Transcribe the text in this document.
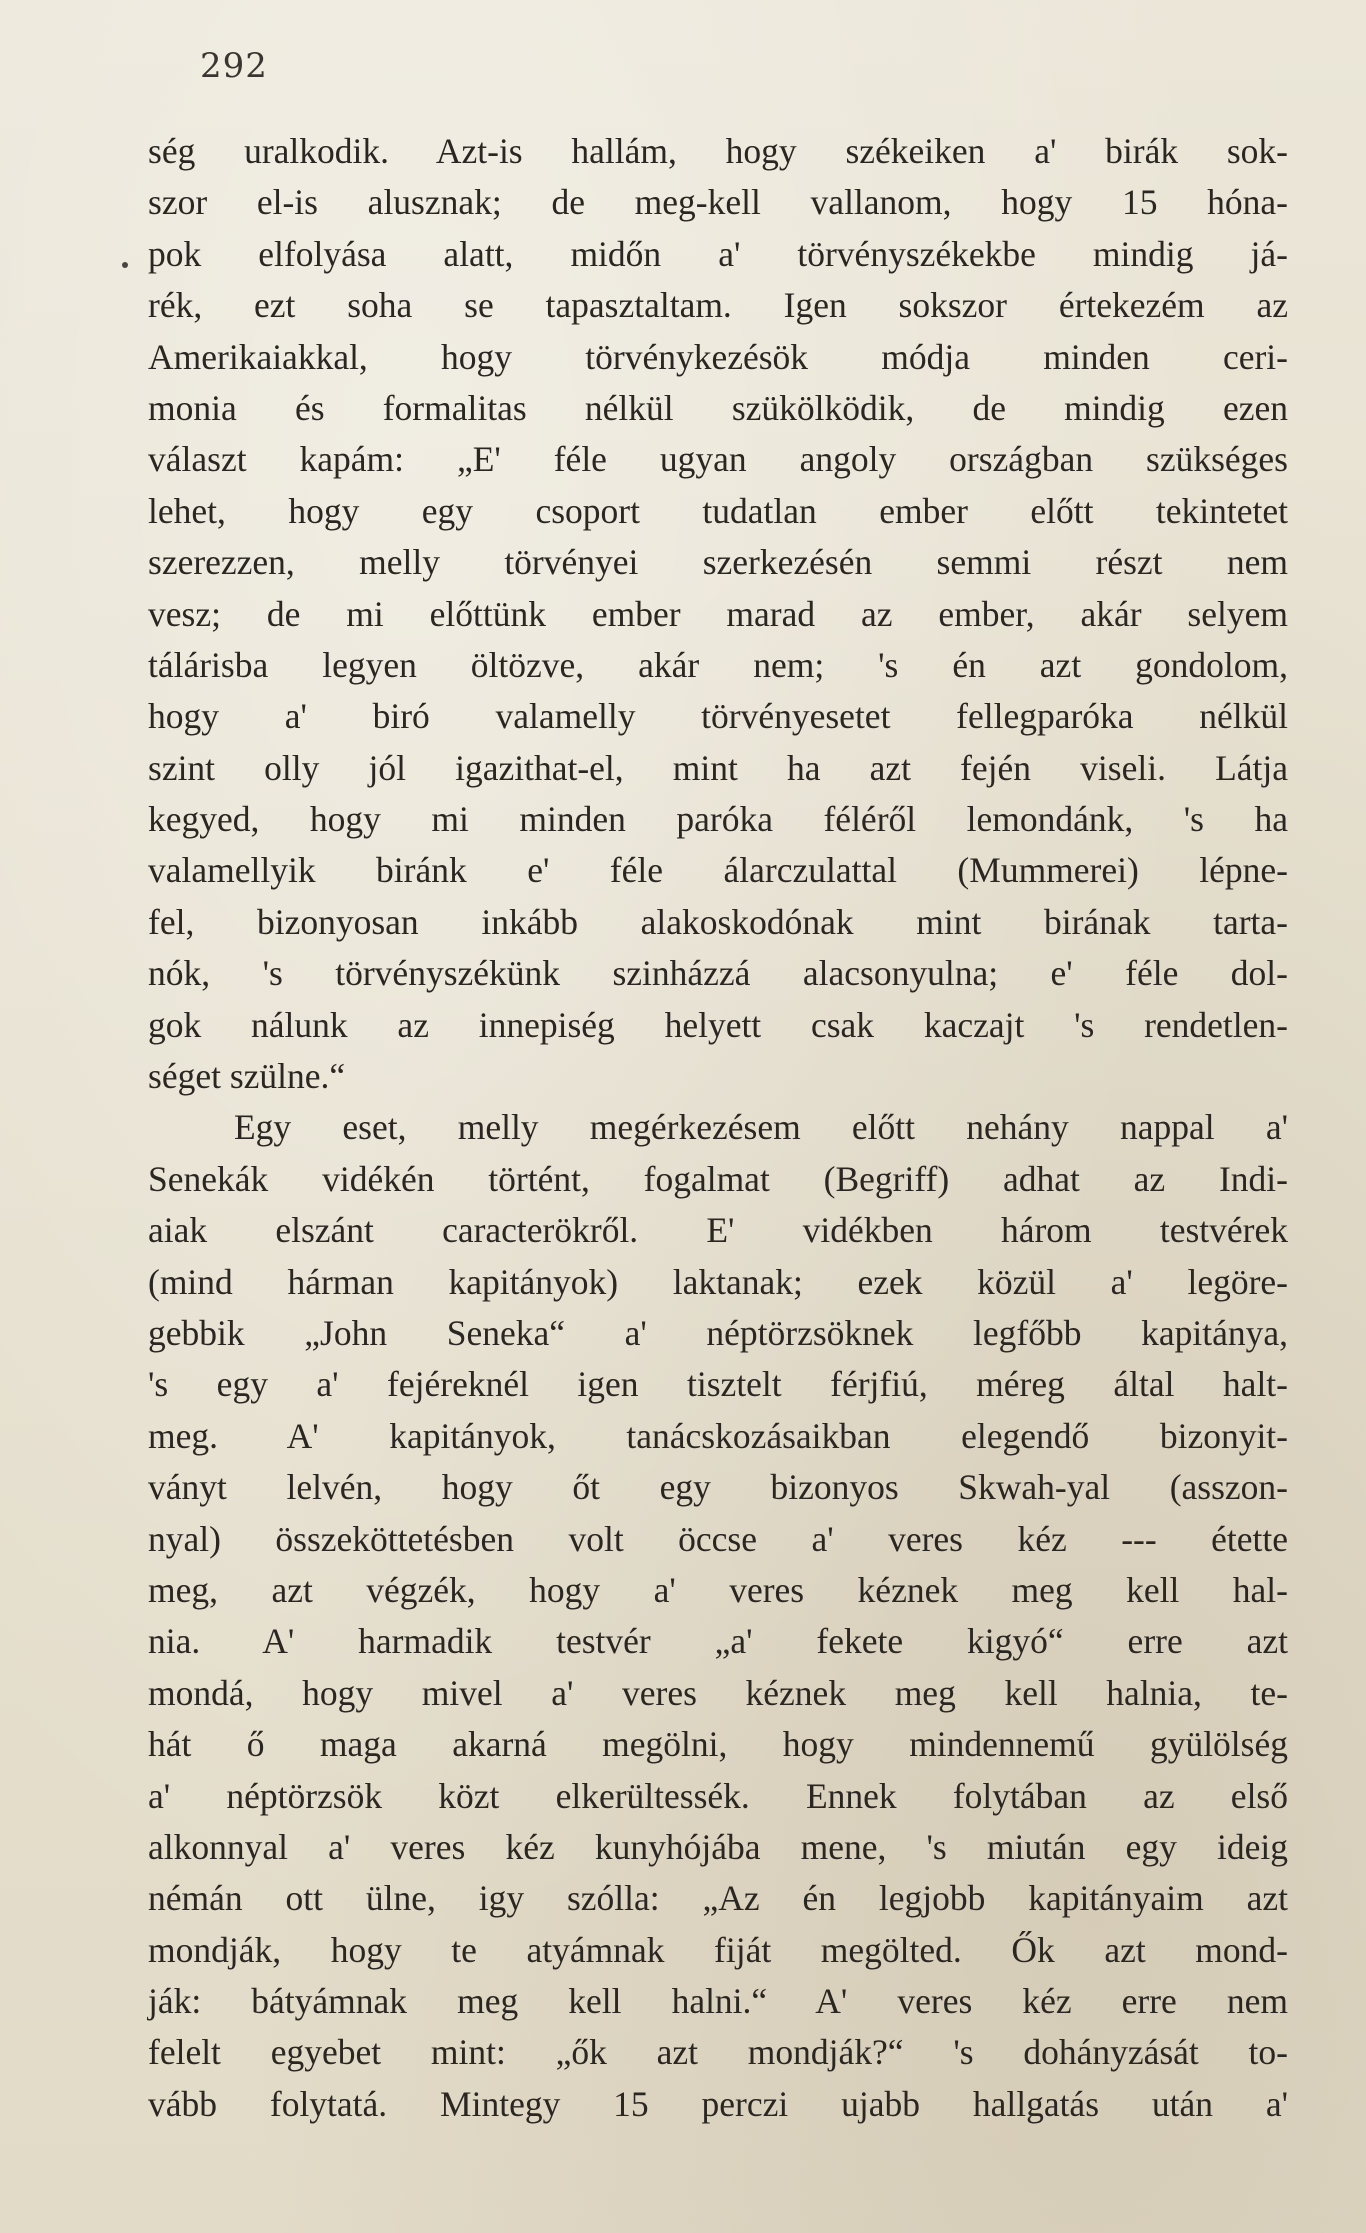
292
ség uralkodik. Azt-is hallám, hogy székeiken a' birák sok-
szor el-is alusznak; de meg-kell vallanom, hogy 15 hóna-
pok elfolyása alatt, midőn a' törvényszékekbe mindig já-
rék, ezt soha se tapasztaltam. Igen sokszor értekezém az
Amerikaiakkal, hogy törvénykezésök módja minden ceri-
monia és formalitas nélkül szükölködik, de mindig ezen
választ kapám: „E' féle ugyan angoly országban szükséges
lehet, hogy egy csoport tudatlan ember előtt tekintetet
szerezzen, melly törvényei szerkezésén semmi részt nem
vesz; de mi előttünk ember marad az ember, akár selyem
tálárisba legyen öltözve, akár nem; 's én azt gondolom,
hogy a' biró valamelly törvényesetet fellegparóka nélkül
szint olly jól igazithat-el, mint ha azt fején viseli. Látja
kegyed, hogy mi minden paróka féléről lemondánk, 's ha
valamellyik biránk e' féle álarczulattal (Mummerei) lépne-
fel, bizonyosan inkább alakoskodónak mint birának tarta-
nók, 's törvényszékünk szinházzá alacsonyulna; e' féle dol-
gok nálunk az innepiség helyett csak kaczajt 's rendetlen-
séget szülne.“
Egy eset, melly megérkezésem előtt nehány nappal a'
Senekák vidékén történt, fogalmat (Begriff) adhat az Indi-
aiak elszánt caracterökről. E' vidékben három testvérek
(mind hárman kapitányok) laktanak; ezek közül a' legöre-
gebbik „John Seneka“ a' néptörzsöknek legfőbb kapitánya,
's egy a' fejéreknél igen tisztelt férjfiú, méreg által halt-
meg. A' kapitányok, tanácskozásaikban elegendő bizonyit-
ványt lelvén, hogy őt egy bizonyos Skwah-yal (asszon-
nyal) összeköttetésben volt öccse a' veres kéz --- étette
meg, azt végzék, hogy a' veres kéznek meg kell hal-
nia. A' harmadik testvér „a' fekete kigyó“ erre azt
mondá, hogy mivel a' veres kéznek meg kell halnia, te-
hát ő maga akarná megölni, hogy mindennemű gyülölség
a' néptörzsök közt elkerültessék. Ennek folytában az első
alkonnyal a' veres kéz kunyhójába mene, 's miután egy ideig
némán ott ülne, igy szólla: „Az én legjobb kapitányaim azt
mondják, hogy te atyámnak fiját megölted. Ők azt mond-
ják: bátyámnak meg kell halni.“ A' veres kéz erre nem
felelt egyebet mint: „ők azt mondják?“ 's dohányzását to-
vább folytatá. Mintegy 15 perczi ujabb hallgatás után a'
